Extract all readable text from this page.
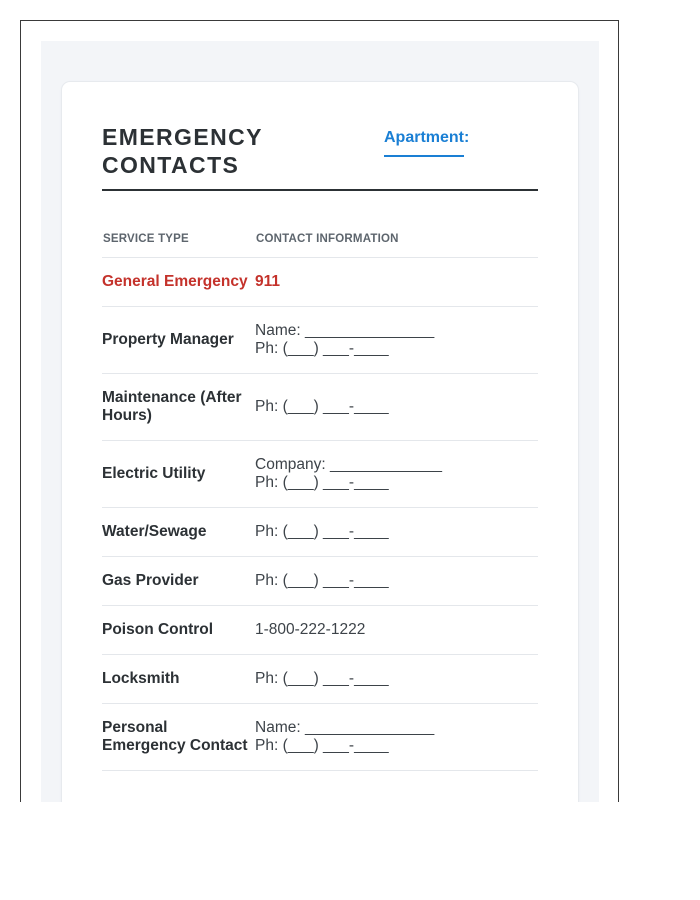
EMERGENCY CONTACTS
Apartment:
SERVICE TYPE	CONTACT INFORMATION
General Emergency	911

Property Manager	Name: _______________
Ph: (___) ___-____

Maintenance (After Hours)	Ph: (___) ___-____

Electric Utility	Company: _____________
Ph: (___) ___-____

Water/Sewage	Ph: (___) ___-____

Gas Provider	Ph: (___) ___-____

Poison Control	1-800-222-1222

Locksmith	Ph: (___) ___-____

Personal Emergency Contact	Name: _______________
Ph: (___) ___-____
